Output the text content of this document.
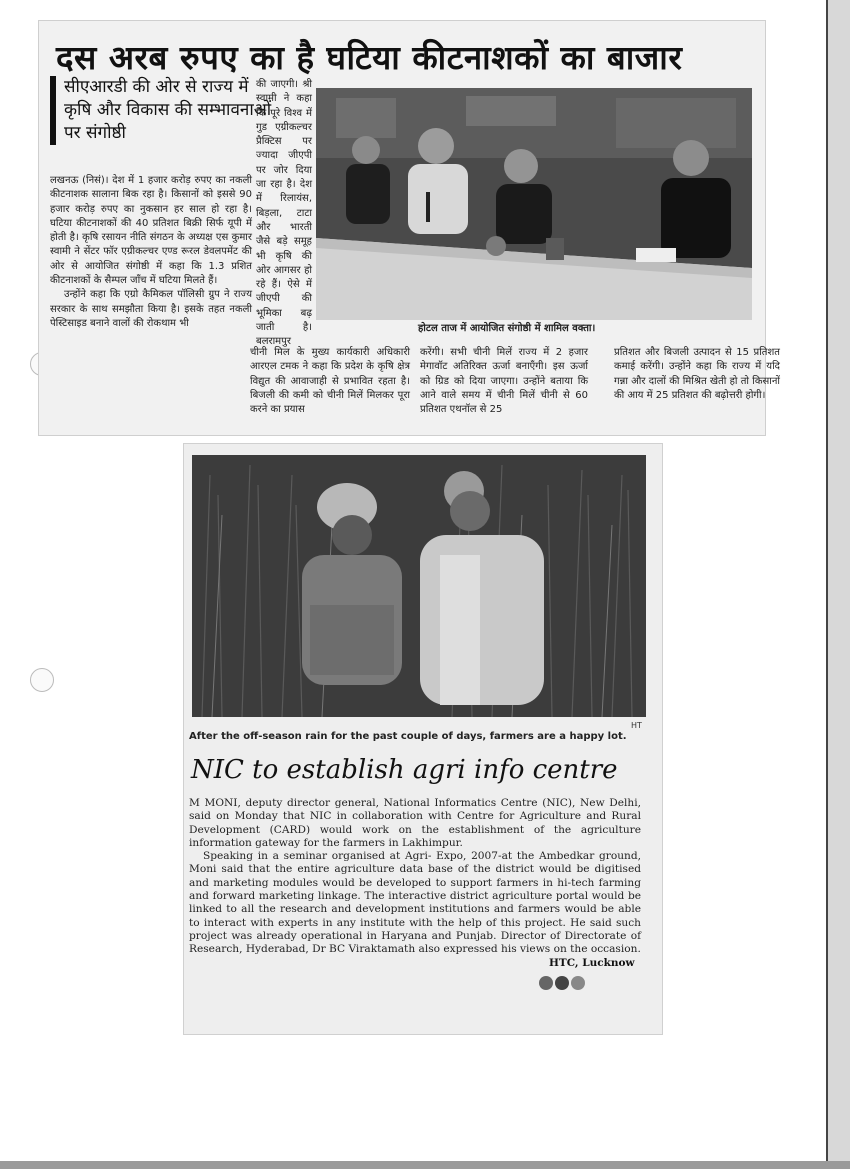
दस अरब रुपए का है घटिया कीटनाशकों का बाजार
सीएआरडी की ओर से राज्य में कृषि और विकास की सम्भावनाओं पर संगोष्ठी
लखनऊ (निसं)। देश में 1 हजार करोड़ रुपए का नकली कीटनाशक सालाना बिक रहा है। किसानों को इससे 90 हजार करोड़ रुपए का नुकसान हर साल हो रहा है। घटिया कीटनाशकों की 40 प्रतिशत बिक्री सिर्फ यूपी में होती है। कृषि रसायन नीति संगठन के अध्यक्ष एस कुमार स्वामी ने सेंटर फॉर एग्रीकल्चर एण्ड रूरल डेवलपमेंट की ओर से आयोजित संगोष्ठी में कहा कि 1.3 प्रशित कीटनाशकों के सैम्पल जाँच में घटिया मिलते हैं।
उन्होंने कहा कि एग्रो कैमिकल पॉलिसी ग्रुप ने राज्य सरकार के साथ समझौता किया है। इसके तहत नकली पेस्टिसाइड बनाने वालों की रोकथाम भी
की जाएगी। श्री स्वामी ने कहा कि पूरे विश्व में गुड एग्रीकल्चर प्रैक्टिस पर ज्यादा जीएपी पर जोर दिया जा रहा है। देश में रिलायंस, बिड़ला, टाटा और भारती जैसे बड़े समूह भी कृषि की ओर आगसर हो रहे हैं। ऐसे में जीएपी की भूमिका बढ़ जाती है। बलरामपुर
होटल ताज में आयोजित संगोष्ठी में शामिल वक्ता।
चीनी मिल के मुख्य कार्यकारी अधिकारी आरएल टमक ने कहा कि प्रदेश के कृषि क्षेत्र विद्युत की आवाजाही से प्रभावित रहता है। बिजली की कमी को चीनी मिलें मिलकर पूरा करने का प्रयास
करेंगी। सभी चीनी मिलें राज्य में 2 हजार मेगावॉट अतिरिक्त ऊर्जा बनाएँगी। इस ऊर्जा को ग्रिड को दिया जाएगा। उन्होंने बताया कि आने वाले समय में चीनी मिलें चीनी से 60 प्रतिशत एथनॉल से 25
प्रतिशत और बिजली उत्पादन से 15 प्रतिशत कमाई करेंगी। उन्होंने कहा कि राज्य में यदि गन्ना और दालों की मिश्रित खेती हो तो किसानों की आय में 25 प्रतिशत की बढ़ोत्तरी होगी।
HT
After the off-season rain for the past couple of days, farmers are a happy lot.
NIC to establish agri info centre

M MONI, deputy director general, National Informatics Centre (NIC), New Delhi, said on Monday that NIC in collaboration with Centre for Agriculture and Rural Development (CARD) would work on the establishment of the agriculture information gateway for the farmers in Lakhimpur.

Speaking in a seminar organised at Agri- Expo, 2007-at the Ambedkar ground, Moni said that the entire agriculture data base of the district would be digitised and marketing modules would be developed to support farmers in hi-tech farming and forward marketing linkage. The interactive district agriculture portal would be linked to all the research and development institutions and farmers would be able to interact with experts in any institute with the help of this project. He said such project was already operational in Haryana and Punjab. Director of Directorate of Research, Hyderabad, Dr BC Viraktamath also expressed his views on the occasion.

HTC, Lucknow
